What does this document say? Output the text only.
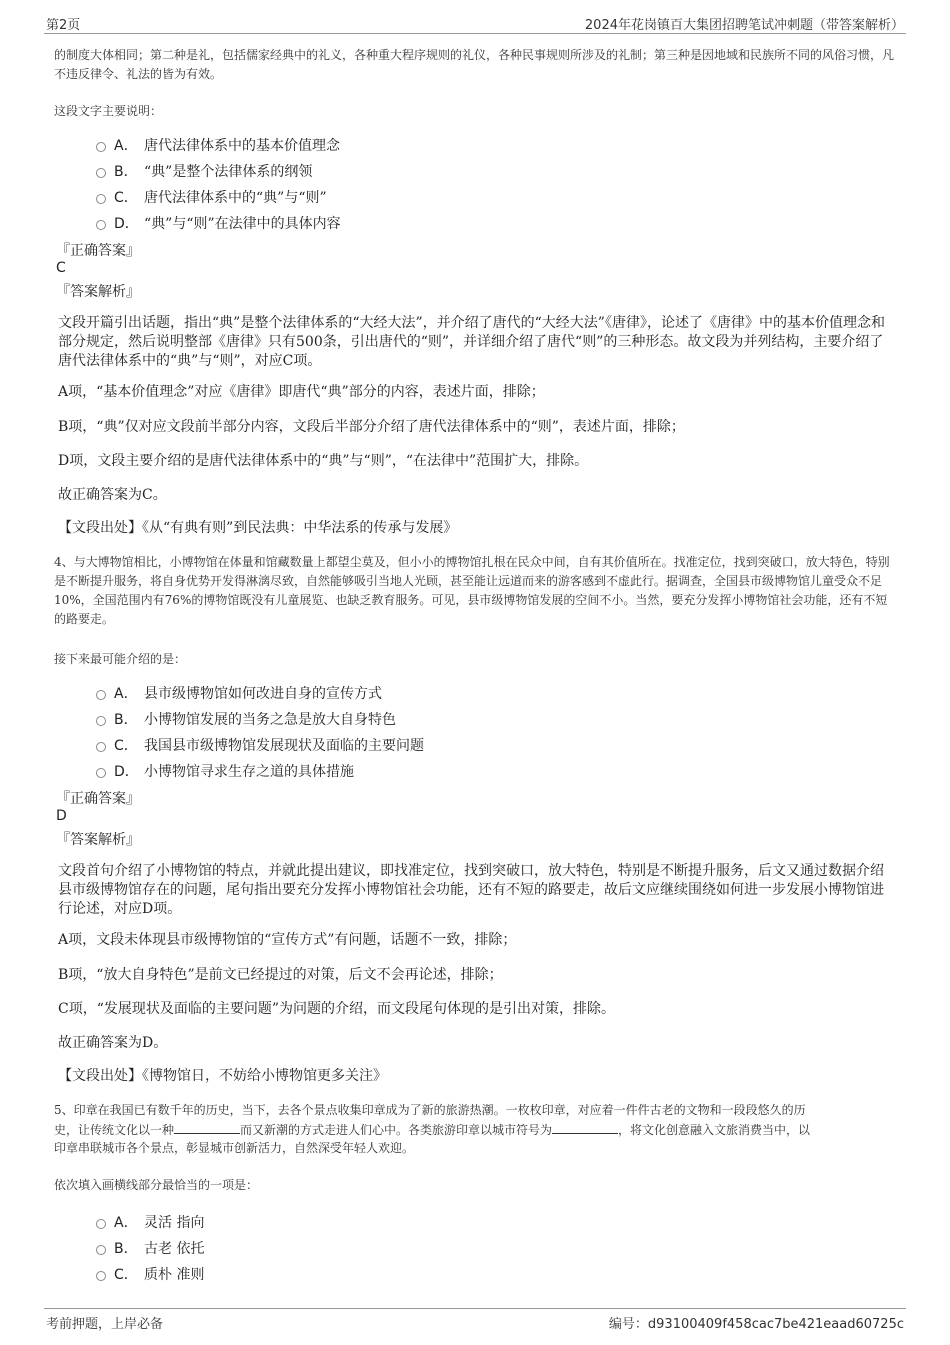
第2页	2024年花岗镇百大集团招聘笔试冲刺题（带答案解析）
的制度大体相同；第二种是礼，包括儒家经典中的礼义，各种重大程序规则的礼仪，各种民事规则所涉及的礼制；第三种是因地域和民族所不同的风俗习惯，凡不违反律令、礼法的皆为有效。
这段文字主要说明：
A． 唐代法律体系中的基本价值理念
B． “典”是整个法律体系的纲领
C． 唐代法律体系中的“典”与“则”
D． “典”与“则”在法律中的具体内容
『正确答案』
C
『答案解析』
文段开篇引出话题，指出“典”是整个法律体系的“大经大法”，并介绍了唐代的“大经大法”《唐律》，论述了《唐律》中的基本价值理念和部分规定，然后说明整部《唐律》只有500条，引出唐代的“则”，并详细介绍了唐代“则”的三种形态。故文段为并列结构，主要介绍了唐代法律体系中的“典”与“则”，对应C项。
A项，“基本价值理念”对应《唐律》即唐代“典”部分的内容，表述片面，排除；
B项，“典”仅对应文段前半部分内容，文段后半部分介绍了唐代法律体系中的“则”，表述片面，排除；
D项，文段主要介绍的是唐代法律体系中的“典”与“则”，“在法律中”范围扩大，排除。
故正确答案为C。
【文段出处】《从“有典有则”到民法典：中华法系的传承与发展》
4、与大博物馆相比，小博物馆在体量和馆藏数量上都望尘莫及，但小小的博物馆扎根在民众中间，自有其价值所在。找准定位，找到突破口，放大特色，特别是不断提升服务，将自身优势开发得淋漓尽致，自然能够吸引当地人光顾，甚至能让远道而来的游客感到不虚此行。据调查，全国县市级博物馆儿童受众不足10%，全国范围内有76%的博物馆既没有儿童展览、也缺乏教育服务。可见，县市级博物馆发展的空间不小。当然，要充分发挥小博物馆社会功能，还有不短的路要走。
接下来最可能介绍的是：
A． 县市级博物馆如何改进自身的宣传方式
B． 小博物馆发展的当务之急是放大自身特色
C． 我国县市级博物馆发展现状及面临的主要问题
D． 小博物馆寻求生存之道的具体措施
『正确答案』
D
『答案解析』
文段首句介绍了小博物馆的特点，并就此提出建议，即找准定位，找到突破口，放大特色，特别是不断提升服务，后文又通过数据介绍县市级博物馆存在的问题，尾句指出要充分发挥小博物馆社会功能，还有不短的路要走，故后文应继续围绕如何进一步发展小博物馆进行论述，对应D项。
A项，文段未体现县市级博物馆的“宣传方式”有问题，话题不一致，排除；
B项，“放大自身特色”是前文已经提过的对策，后文不会再论述，排除；
C项，“发展现状及面临的主要问题”为问题的介绍，而文段尾句体现的是引出对策，排除。
故正确答案为D。
【文段出处】《博物馆日，不妨给小博物馆更多关注》
5、印章在我国已有数千年的历史，当下，去各个景点收集印章成为了新的旅游热潮。一枚枚印章，对应着一件件古老的文物和一段段悠久的历
史，让传统文化以一种	而又新潮的方式走进人们心中。各类旅游印章以城市符号为	，将文化创意融入文旅消费当中，以
印章串联城市各个景点，彰显城市创新活力，自然深受年轻人欢迎。
依次填入画横线部分最恰当的一项是：
A． 灵活 指向
B． 古老 依托
C． 质朴 准则
考前押题，上岸必备	编号：d93100409f458cac7be421eaad60725c
